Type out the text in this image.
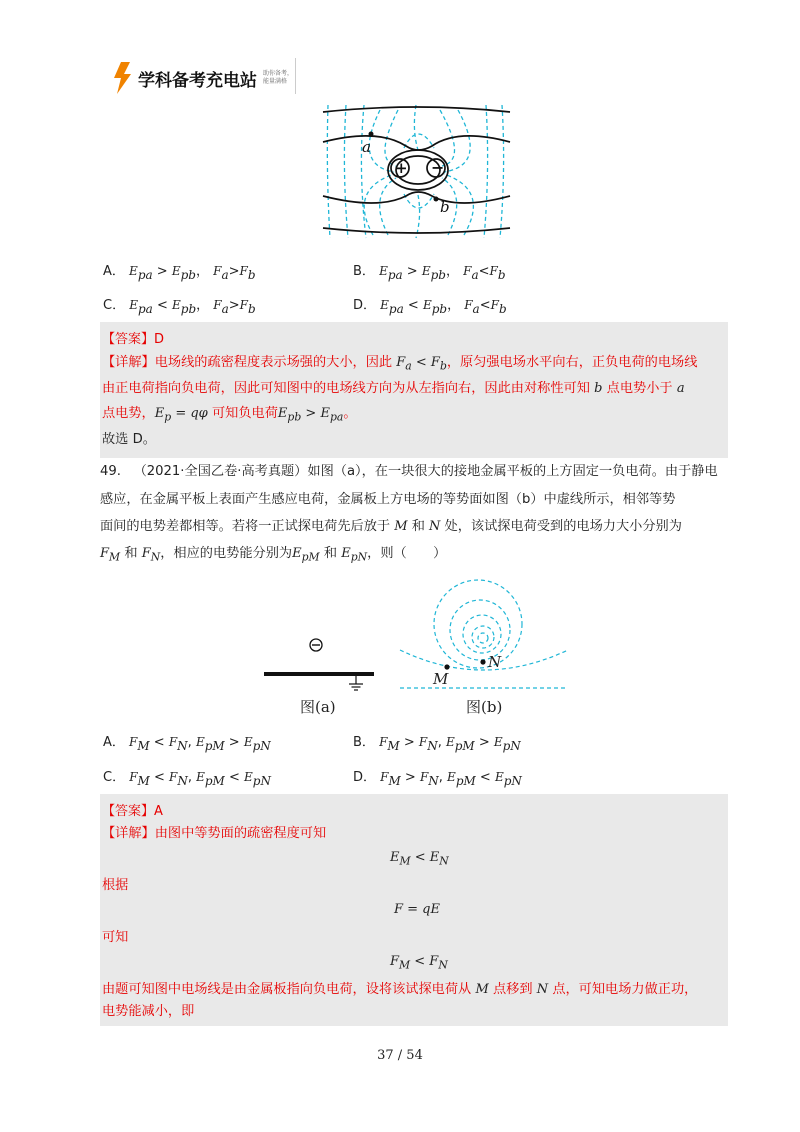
学科备考充电站 助你备考，
能量满格
+ −
a
b
A． $E_{pa} > E_{pb}$， $F_a>F_b$	B． $E_{pa} > E_{pb}$， $F_a<F_b$
C． $E_{pa} < E_{pb}$， $F_a>F_b$	D． $E_{pa} < E_{pb}$， $F_a<F_b$
【答案】D
【详解】电场线的疏密程度表示场强的大小，因此 $F_a < F_b$，原匀强电场水平向右，正负电荷的电场线
由正电荷指向负电荷，因此可知图中的电场线方向为从左指向右，因此由对称性可知 b 点电势小于 a
点电势，$E_p = q\varphi$ 可知负电荷$E_{pb} > E_{pa}$。
故选 D。
49. （2021·全国乙卷·高考真题）如图（a），在一块很大的接地金属平板的上方固定一负电荷。由于静电
感应，在金属平板上表面产生感应电荷，金属板上方电场的等势面如图（b）中虚线所示，相邻等势
面间的电势差都相等。若将一正试探电荷先后放于 M 和 N 处，该试探电荷受到的电场力大小分别为
$F_M$ 和 $F_N$，相应的电势能分别为$E_{pM}$ 和 $E_{pN}$，则（　　）
图(a)
M
N
图(b)
A． $F_M < F_N$, $E_{pM} > E_{pN}$	B． $F_M > F_N$, $E_{pM} > E_{pN}$
C． $F_M < F_N$, $E_{pM} < E_{pN}$	D． $F_M > F_N$, $E_{pM} < E_{pN}$
【答案】A
【详解】由图中等势面的疏密程度可知
$E_M < E_N$
根据
F = qE
可知
$F_M < F_N$
由题可知图中电场线是由金属板指向负电荷，设将该试探电荷从 M 点移到 N 点，可知电场力做正功，
电势能减小，即
37 / 54
